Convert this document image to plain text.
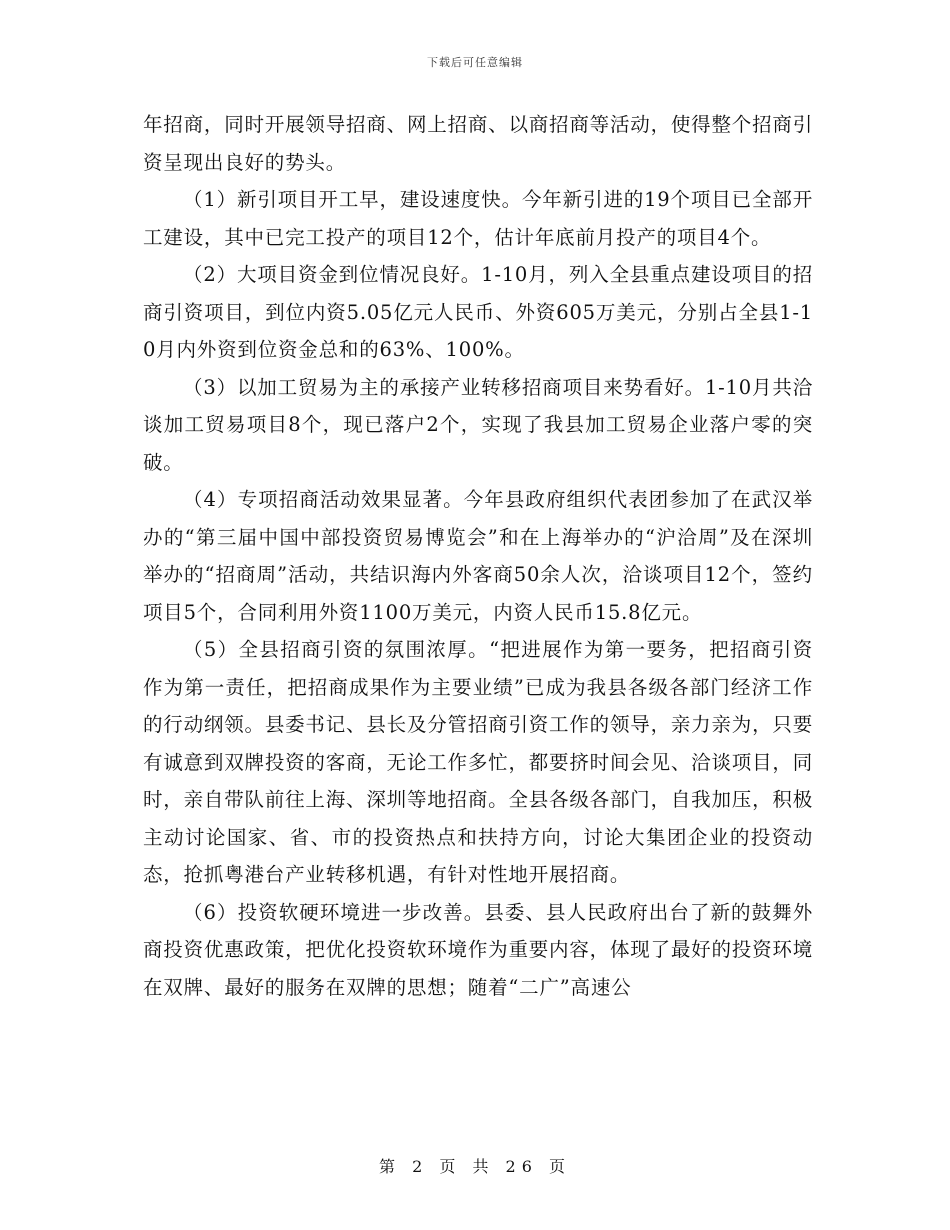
下载后可任意编辑

年招商，同时开展领导招商、网上招商、以商招商等活动，使得整个招商引资呈现出良好的势头。

（1）新引项目开工早，建设速度快。今年新引进的19个项目已全部开工建设，其中已完工投产的项目12个，估计年底前月投产的项目4个。

（2）大项目资金到位情况良好。1-10月，列入全县重点建设项目的招商引资项目，到位内资5.05亿元人民币、外资605万美元，分别占全县1-10月内外资到位资金总和的63%、100%。

（3）以加工贸易为主的承接产业转移招商项目来势看好。1-10月共洽谈加工贸易项目8个，现已落户2个，实现了我县加工贸易企业落户零的突破。

（4）专项招商活动效果显著。今年县政府组织代表团参加了在武汉举办的“第三届中国中部投资贸易博览会”和在上海举办的“沪洽周”及在深圳举办的“招商周”活动，共结识海内外客商50余人次，洽谈项目12个，签约项目5个，合同利用外资1100万美元，内资人民币15.8亿元。

（5）全县招商引资的氛围浓厚。“把进展作为第一要务，把招商引资作为第一责任，把招商成果作为主要业绩”已成为我县各级各部门经济工作的行动纲领。县委书记、县长及分管招商引资工作的领导，亲力亲为，只要有诚意到双牌投资的客商，无论工作多忙，都要挤时间会见、洽谈项目，同时，亲自带队前往上海、深圳等地招商。全县各级各部门，自我加压，积极主动讨论国家、省、市的投资热点和扶持方向，讨论大集团企业的投资动态，抢抓粤港台产业转移机遇，有针对性地开展招商。

（6）投资软硬环境进一步改善。县委、县人民政府出台了新的鼓舞外商投资优惠政策，把优化投资软环境作为重要内容，体现了最好的投资环境在双牌、最好的服务在双牌的思想；随着“二广”高速公

第 2 页 共 26 页
